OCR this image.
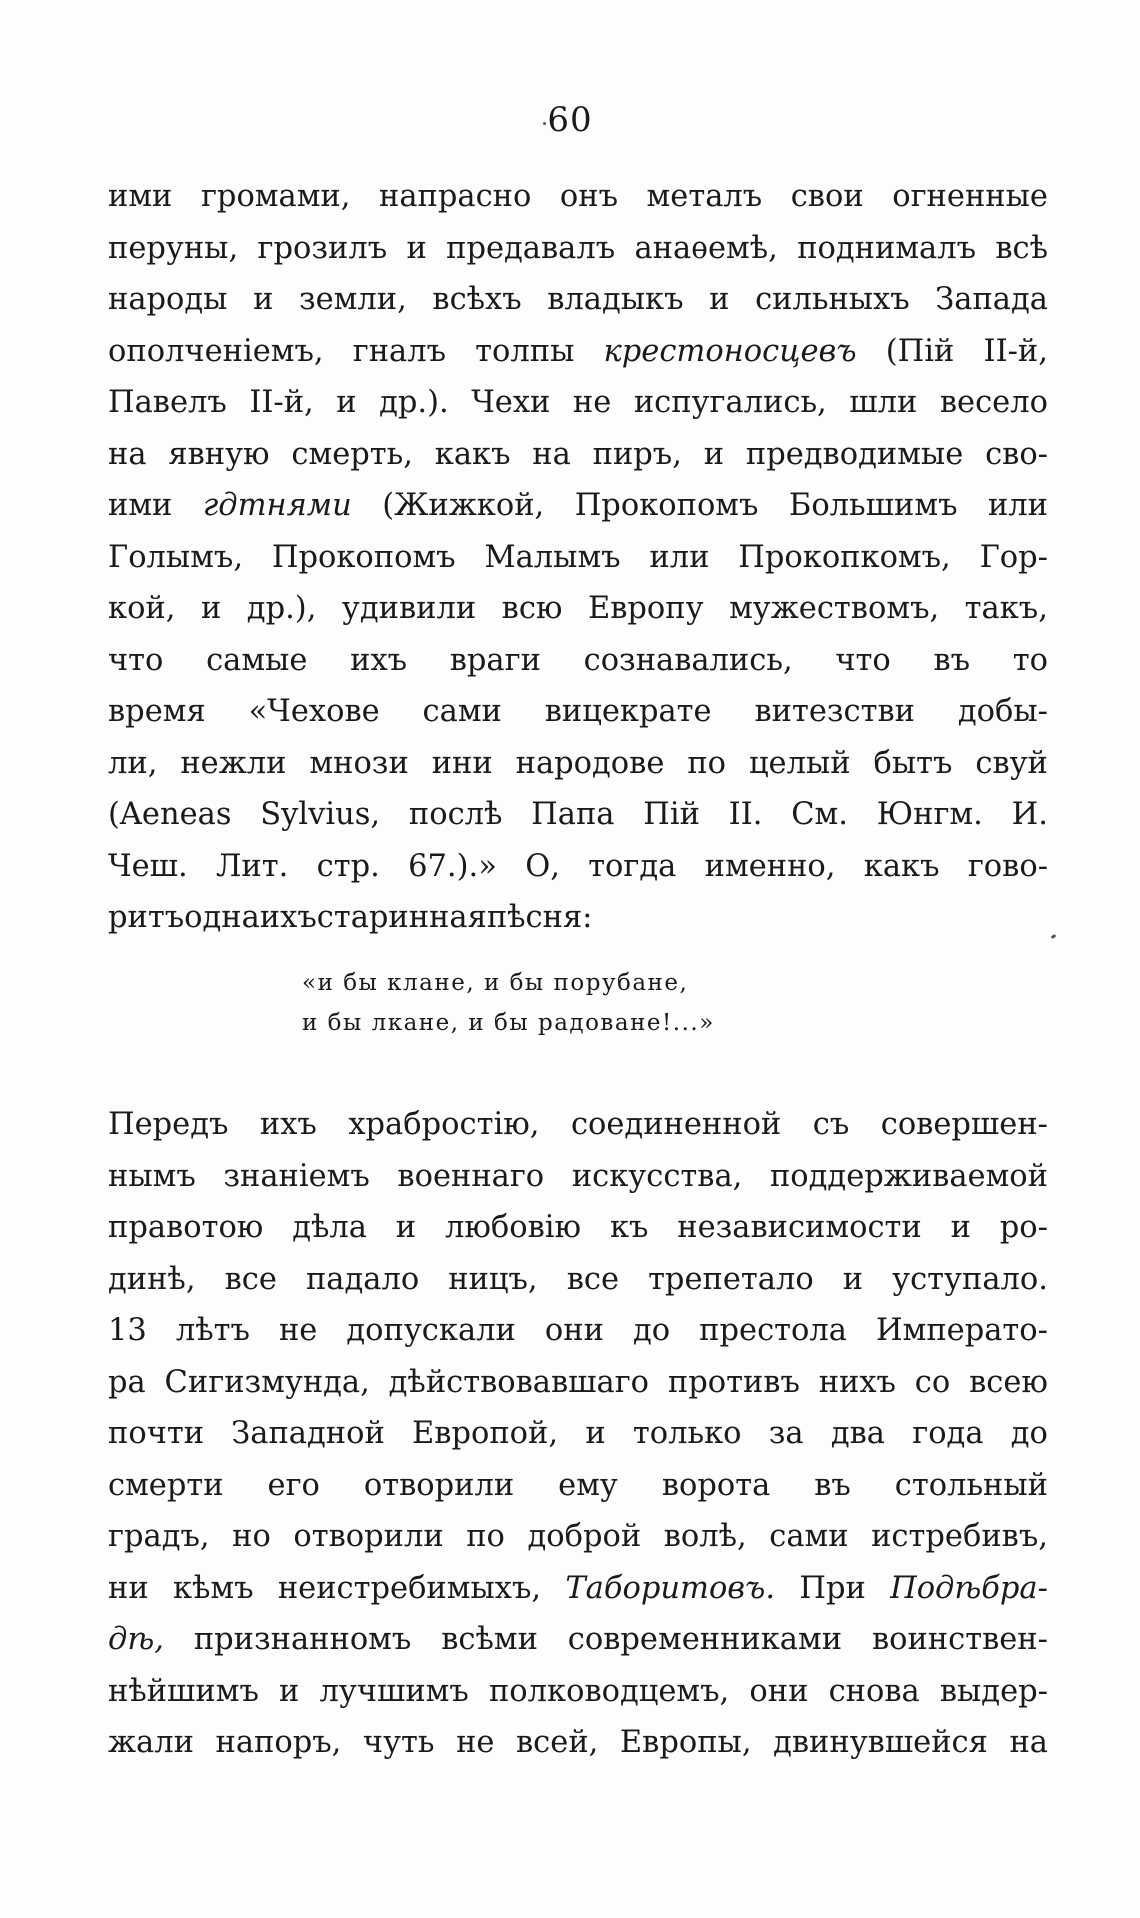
60
ими громами, напрасно онъ металъ свои огненные
перуны, грозилъ и предавалъ анаѳемѣ, поднималъ всѣ
народы и земли, всѣхъ владыкъ и сильныхъ Запада
ополченіемъ, гналъ толпы крестоносцевъ (Пій II-й,
Павелъ II-й, и др.). Чехи не испугались, шли весело
на явную смерть, какъ на пиръ, и предводимые сво-
ими гдтнями (Жижкой, Прокопомъ Большимъ или
Голымъ, Прокопомъ Малымъ или Прокопкомъ, Гор-
кой, и др.), удивили всю Европу мужествомъ, такъ,
что самые ихъ враги сознавались, что въ то
время «Чехове сами вицекрате витезстви добы-
ли, нежли мнози ини народове по целый бытъ свуй
(Aeneas Sylvius, послѣ Папа Пій II. См. Юнгм. И.
Чеш. Лит. стр. 67.).» О, тогда именно, какъ гово-
ритъ одна ихъ старинная пѣсня:
«и бы клане, и бы порубане,
и бы лкане, и бы радоване!...»
Передъ ихъ храбростію, соединенной съ совершен-
нымъ знаніемъ военнаго искусства, поддерживаемой
правотою дѣла и любовію къ независимости и ро-
динѣ, все падало ницъ, все трепетало и уступало.
13 лѣтъ не допускали они до престола Императо-
ра Сигизмунда, дѣйствовавшаго противъ нихъ со всею
почти Западной Европой, и только за два года до
смерти его отворили ему ворота въ стольный
градъ, но отворили по доброй волѣ, сами истребивъ,
ни кѣмъ неистребимыхъ, Таборитовъ. При Подѣбра-
дѣ, признанномъ всѣми современниками воинствен-
нѣйшимъ и лучшимъ полководцемъ, они снова выдер-
жали напоръ, чуть не всей, Европы, двинувшейся на
